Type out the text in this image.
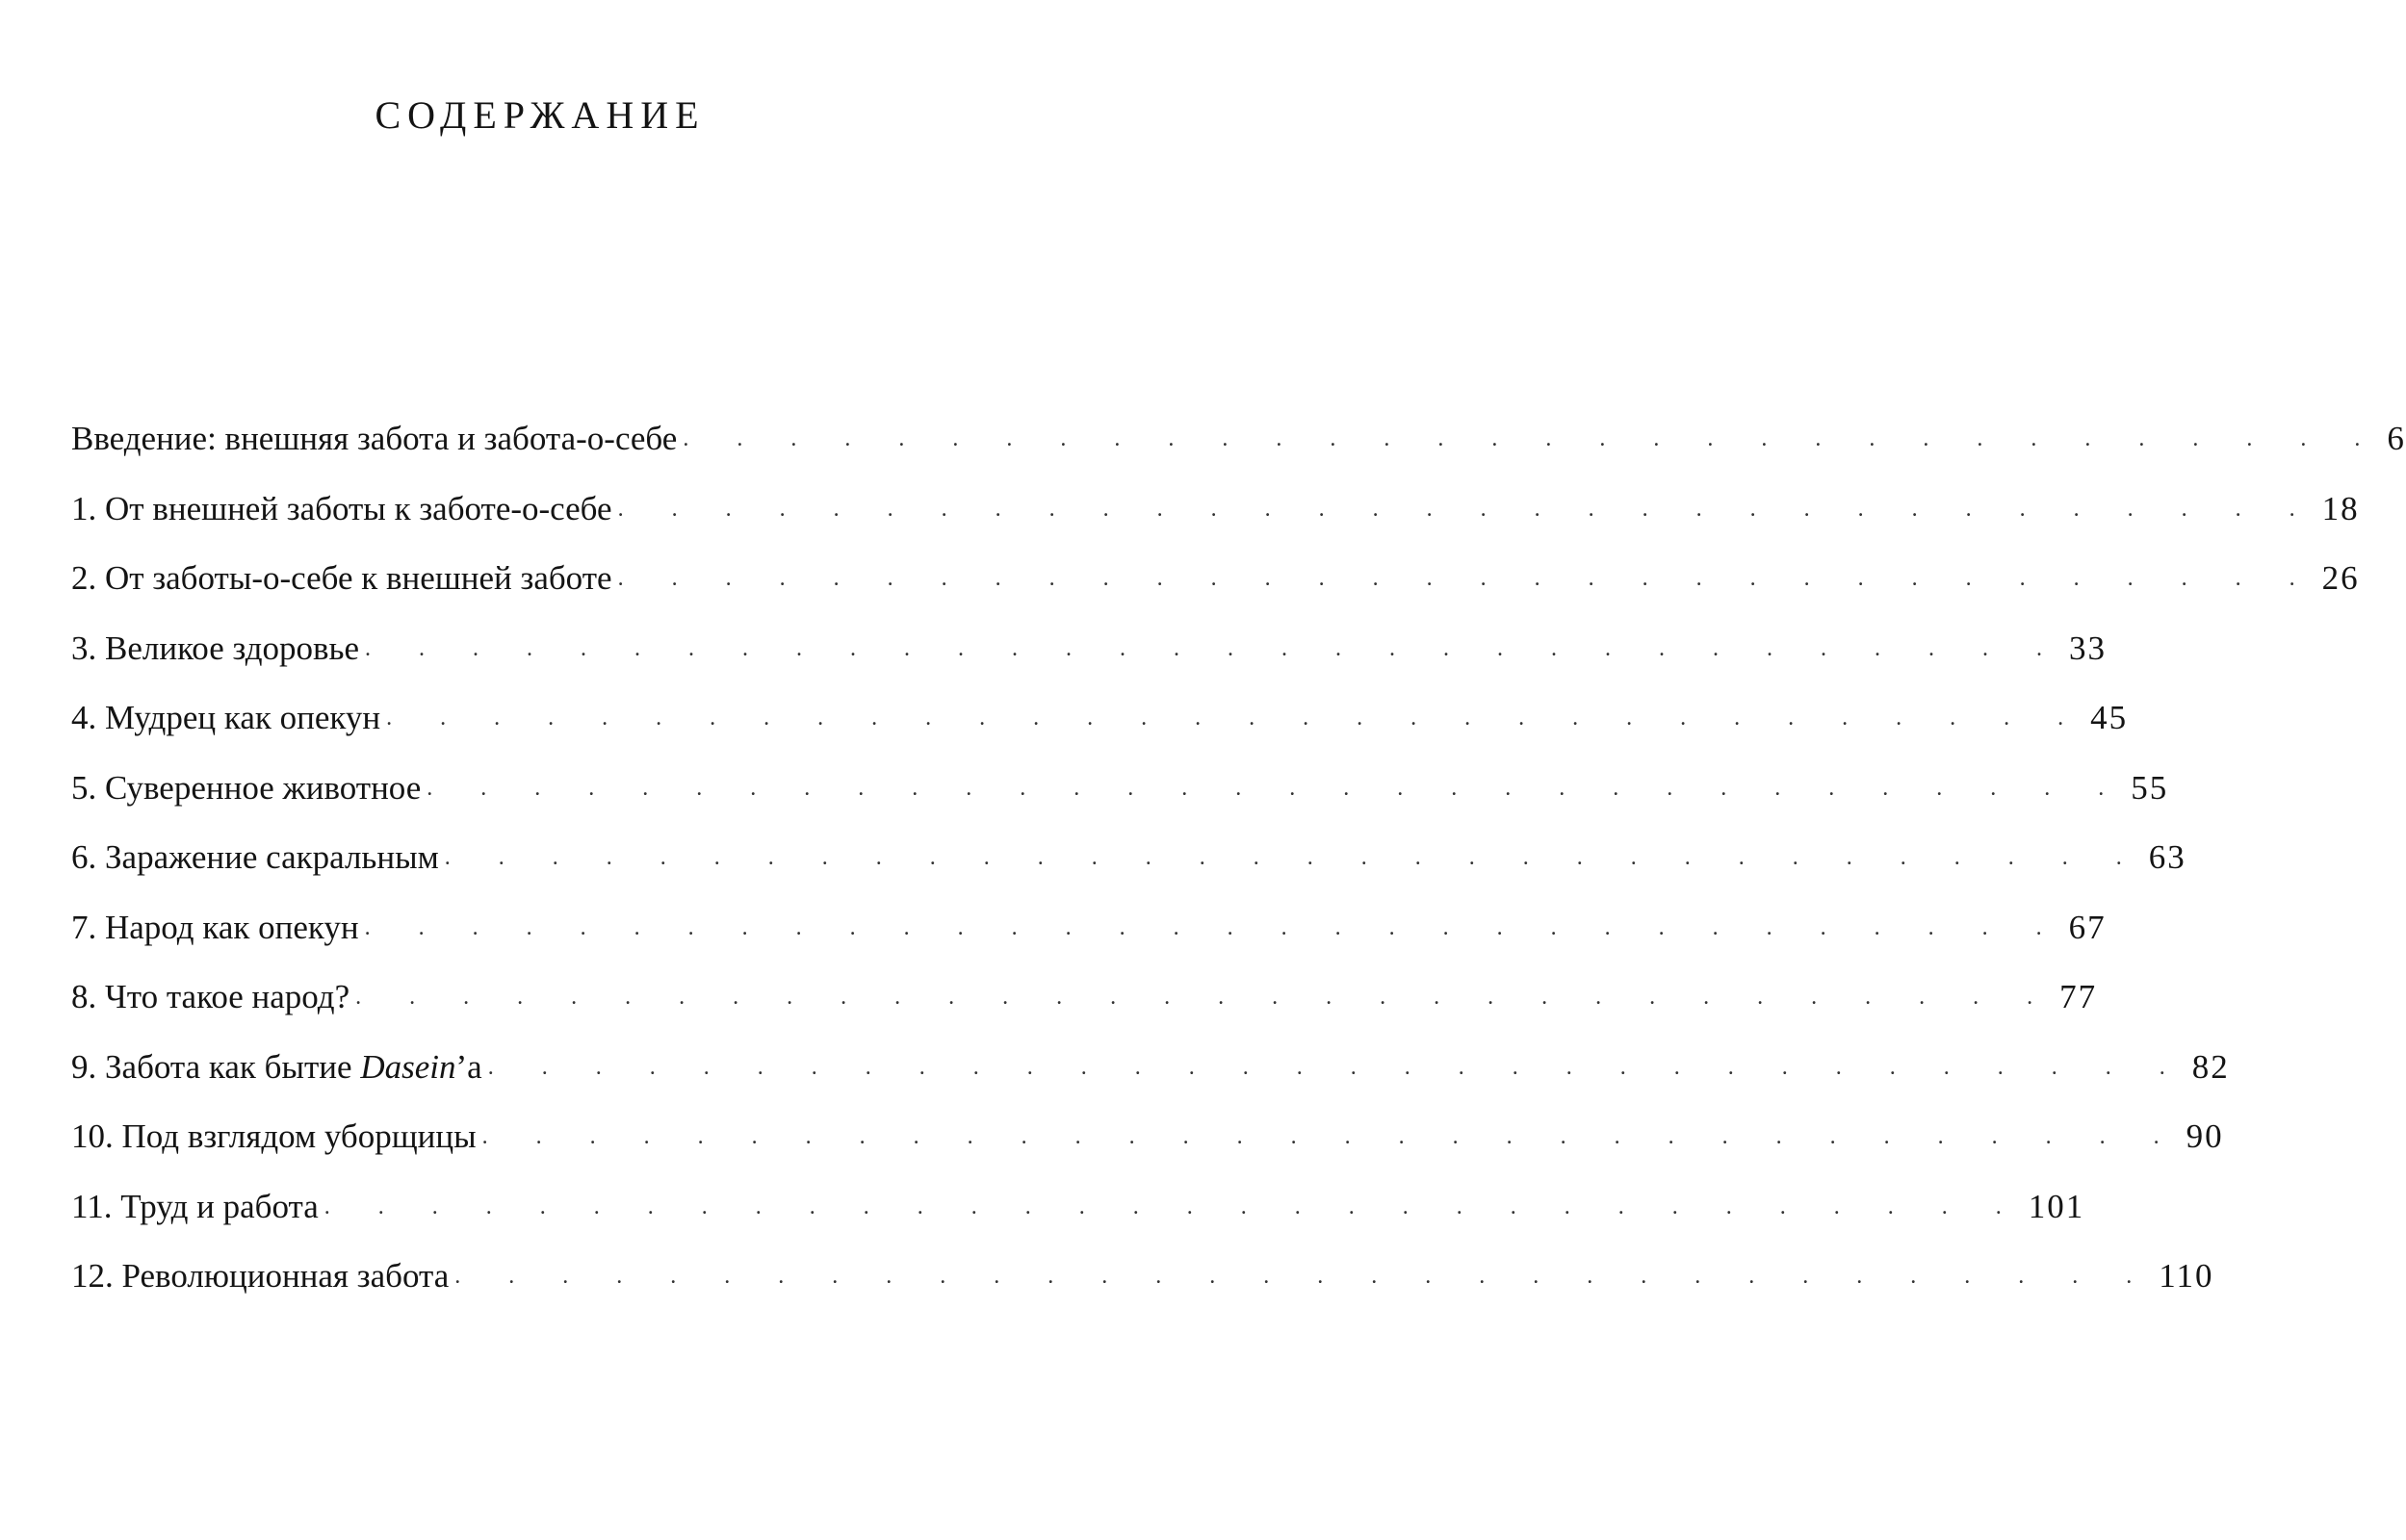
СОДЕРЖАНИЕ
Введение: внешняя забота и забота-о-себе . . . . . . . . . . . . . . . . . . . . . . . . . . . . . . . . 6
1. От внешней заботы к заботе-о-себе . . . . . . . . . . . . . . . . . . . . . . . . . . . . . . . . 18
2. От заботы-о-себе к внешней заботе . . . . . . . . . . . . . . . . . . . . . . . . . . . . . . . . 26
3. Великое здоровье . . . . . . . . . . . . . . . . . . . . . . . . . . . . . . . . 33
4. Мудрец как опекун . . . . . . . . . . . . . . . . . . . . . . . . . . . . . . . . 45
5. Суверенное животное . . . . . . . . . . . . . . . . . . . . . . . . . . . . . . . . 55
6. Заражение сакральным . . . . . . . . . . . . . . . . . . . . . . . . . . . . . . . . 63
7. Народ как опекун . . . . . . . . . . . . . . . . . . . . . . . . . . . . . . . . 67
8. Что такое народ? . . . . . . . . . . . . . . . . . . . . . . . . . . . . . . . . 77
9. Забота как бытие Dasein’a . . . . . . . . . . . . . . . . . . . . . . . . . . . . . . . . 82
10. Под взглядом уборщицы . . . . . . . . . . . . . . . . . . . . . . . . . . . . . . . . 90
11. Труд и работа . . . . . . . . . . . . . . . . . . . . . . . . . . . . . . . . 101
12. Революционная забота . . . . . . . . . . . . . . . . . . . . . . . . . . . . . . . . 110
